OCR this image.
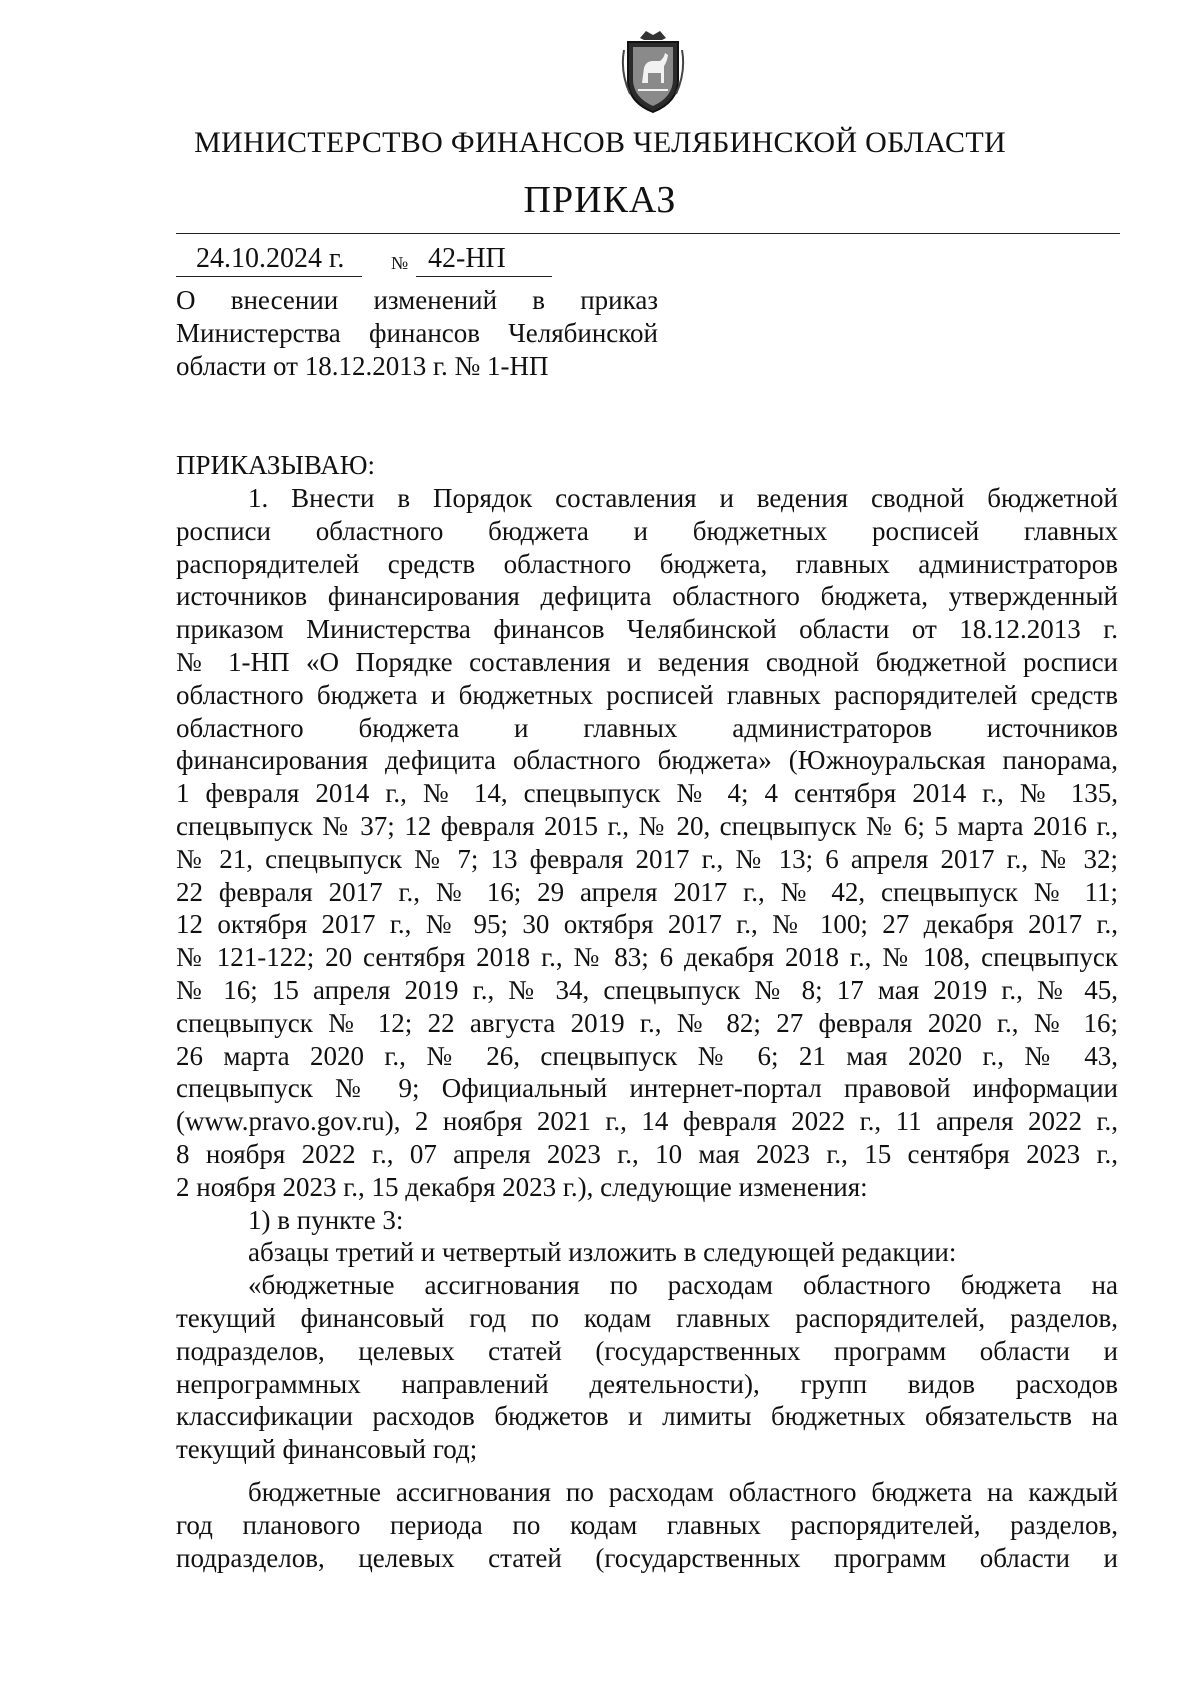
МИНИСТЕРСТВО ФИНАНСОВ ЧЕЛЯБИНСКОЙ ОБЛАСТИ
ПРИКАЗ
24.10.2024 г.	№ 42-НП
О внесении изменений в приказ
Министерства финансов Челябинской
области от 18.12.2013 г. № 1-НП
ПРИКАЗЫВАЮ:
1. Внести в Порядок составления и ведения сводной бюджетной
росписи областного бюджета и бюджетных росписей главных
распорядителей средств областного бюджета, главных администраторов
источников финансирования дефицита областного бюджета, утвержденный
приказом Министерства финансов Челябинской области от 18.12.2013 г.
№ 1-НП «О Порядке составления и ведения сводной бюджетной росписи
областного бюджета и бюджетных росписей главных распорядителей средств
областного бюджета и главных администраторов источников
финансирования дефицита областного бюджета» (Южноуральская панорама,
1 февраля 2014 г., № 14, спецвыпуск № 4; 4 сентября 2014 г., № 135,
спецвыпуск № 37; 12 февраля 2015 г., № 20, спецвыпуск № 6; 5 марта 2016 г.,
№ 21, спецвыпуск № 7; 13 февраля 2017 г., № 13; 6 апреля 2017 г., № 32;
22 февраля 2017 г., № 16; 29 апреля 2017 г., № 42, спецвыпуск № 11;
12 октября 2017 г., № 95; 30 октября 2017 г., № 100; 27 декабря 2017 г.,
№ 121-122; 20 сентября 2018 г., № 83; 6 декабря 2018 г., № 108, спецвыпуск
№ 16; 15 апреля 2019 г., № 34, спецвыпуск № 8; 17 мая 2019 г., № 45,
спецвыпуск № 12; 22 августа 2019 г., № 82; 27 февраля 2020 г., № 16;
26 марта 2020 г., № 26, спецвыпуск № 6; 21 мая 2020 г., № 43,
спецвыпуск № 9; Официальный интернет-портал правовой информации
(www.pravo.gov.ru), 2 ноября 2021 г., 14 февраля 2022 г., 11 апреля 2022 г.,
8 ноября 2022 г., 07 апреля 2023 г., 10 мая 2023 г., 15 сентября 2023 г.,
2 ноября 2023 г., 15 декабря 2023 г.), следующие изменения:
1) в пункте 3:
абзацы третий и четвертый изложить в следующей редакции:
«бюджетные ассигнования по расходам областного бюджета на
текущий финансовый год по кодам главных распорядителей, разделов,
подразделов, целевых статей (государственных программ области и
непрограммных направлений деятельности), групп видов расходов
классификации расходов бюджетов и лимиты бюджетных обязательств на
текущий финансовый год;
бюджетные ассигнования по расходам областного бюджета на каждый
год планового периода по кодам главных распорядителей, разделов,
подразделов, целевых статей (государственных программ области и
